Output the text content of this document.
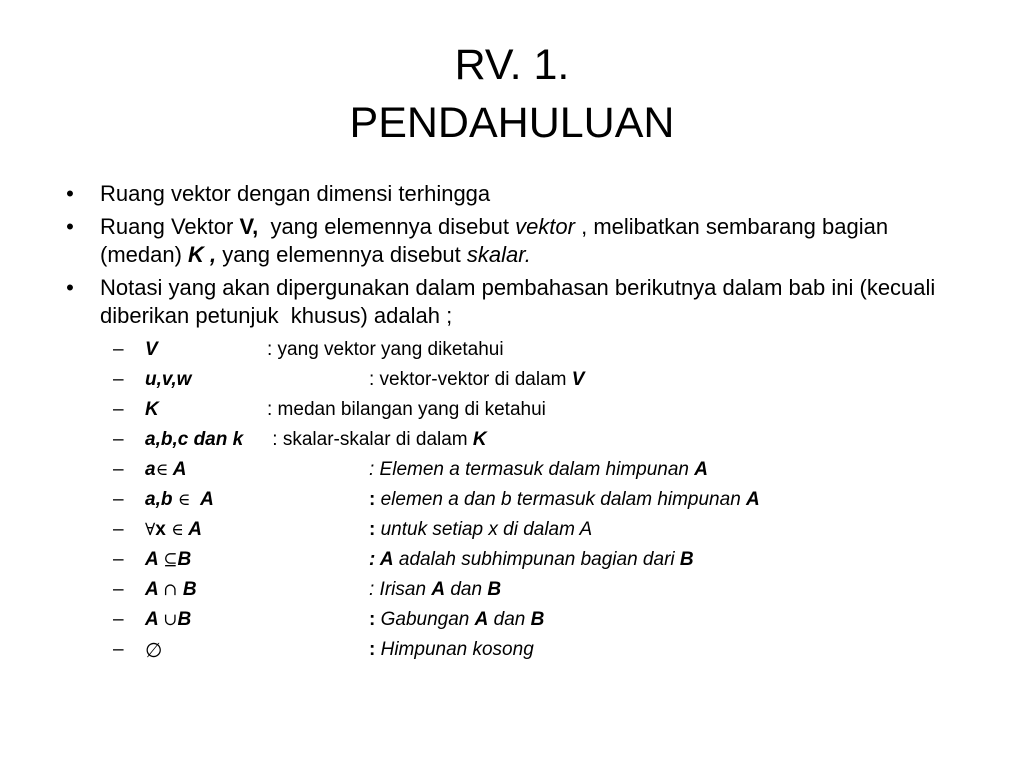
RV. 1.
PENDAHULUAN
• Ruang vektor dengan dimensi terhingga
• Ruang Vektor V,  yang elemennya disebut vektor , melibatkan sembarang bagian (medan) K , yang elemennya disebut skalar.
• Notasi yang akan dipergunakan dalam pembahasan berikutnya dalam bab ini (kecuali diberikan petunjuk  khusus) adalah ;
– V	: yang vektor yang diketahui
– u,v,w	: vektor-vektor di dalam V
– K	: medan bilangan yang di ketahui
– a,b,c dan k : skalar-skalar di dalam K
– a∈ A	: Elemen a termasuk dalam himpunan A
– a,b ∈  A	: elemen a dan b termasuk dalam himpunan A
– ∀x ∈ A	: untuk setiap x di dalam A
– A ⊆B	: A adalah subhimpunan bagian dari B
– A ∩ B	: Irisan A dan B
– A ∪B	: Gabungan A dan B
– ∅	: Himpunan kosong
